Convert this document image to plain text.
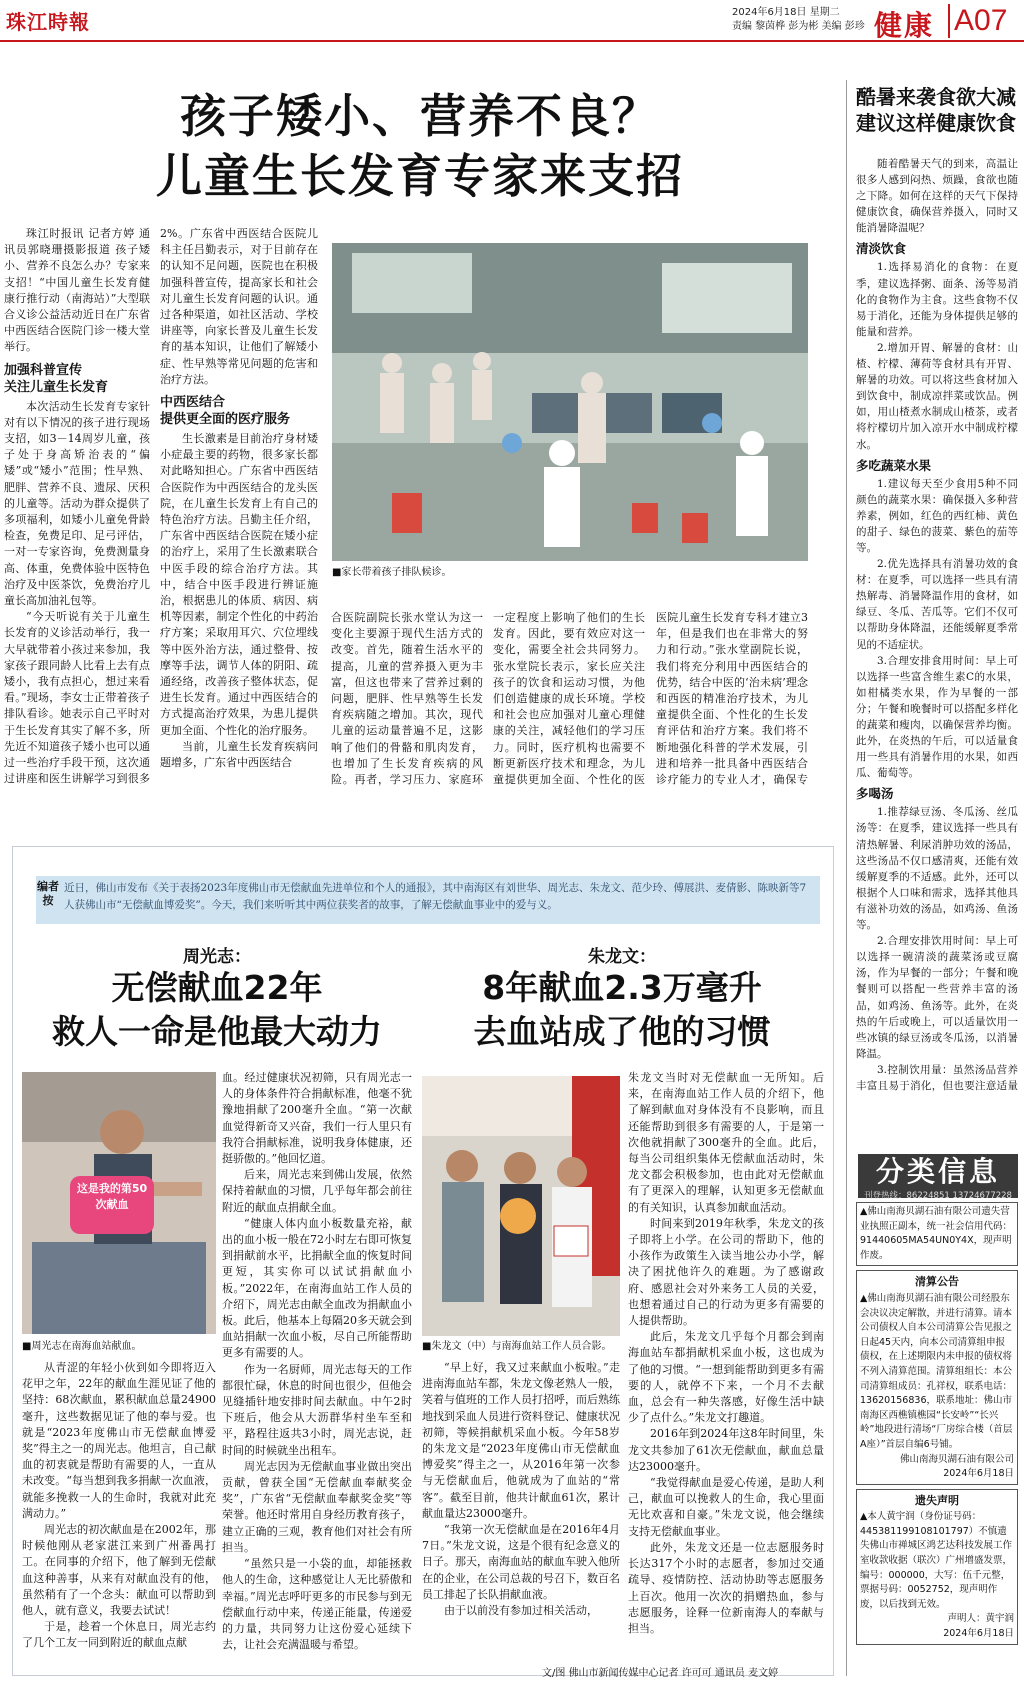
珠江時報	2024年6月18日 星期二
责编 黎茵桦 彭为彬 美编 彭珍 健康 A07
孩子矮小、营养不良？
儿童生长发育专家来支招

珠江时报讯 记者方婷 通讯员郭晓珊摄影报道 孩子矮小、营养不良怎么办？专家来支招！“中国儿童生长发育健康行推行动（南海站）”大型联合义诊公益活动近日在广东省中西医结合医院门诊一楼大堂举行。

加强科普宣传
关注儿童生长发育

本次活动生长发育专家针对有以下情况的孩子进行现场支招，如3－14周岁儿童，孩子处于身高矫治表的“偏矮”或“矮小”范围；性早熟、肥胖、营养不良、遗尿、厌积的儿童等。活动为群众提供了多项福利，如矮小儿童免骨龄检查，免费足印、足弓评估，一对一专家咨询，免费测量身高、体重，免费体验中医特色治疗及中医茶饮，免费治疗儿童长高加油礼包等。

“今天听说有关于儿童生长发育的义诊活动举行，我一大早就带着小孩过来参加，我家孩子跟同龄人比看上去有点矮小，我有点担心，想过来看看。”现场，李女士正带着孩子排队看诊。她表示自己平时对于生长发育其实了解不多，所先近不知道孩子矮小也可以通过一些治疗手段干预，这次通过讲座和医生讲解学习到很多

2%。广东省中西医结合医院儿科主任吕勤表示，对于目前存在的认知不足问题，医院也在积极加强科普宣传，提高家长和社会对儿童生长发育问题的认识。通过各种渠道，如社区活动、学校讲座等，向家长普及儿童生长发育的基本知识，让他们了解矮小症、性早熟等常见问题的危害和治疗方法。

中西医结合
提供更全面的医疗服务

生长激素是目前治疗身材矮小症最主要的药物，很多家长都对此略知担心。广东省中西医结合医院作为中西医结合的龙头医院，在儿童生长发育上有自己的特色治疗方法。吕勤主任介绍，广东省中西医结合医院在矮小症的治疗上，采用了生长激素联合中医手段的综合治疗方法。其中，结合中医手段进行辨证施治，根据患儿的体质、病因、病机等因素，制定个性化的中药治疗方案；采取用耳穴、穴位埋线等中医外治方法，通过整骨、按摩等手法，调节人体的阴阳、疏通经络，改善孩子整体状态，促进生长发育。通过中西医结合的方式提高治疗效果，为患儿提供更加全面、个性化的治疗服务。

当前，儿童生长发育疾病问题增多，广东省中西医结合

■家长带着孩子排队候诊。

合医院副院长张水堂认为这一变化主要源于现代生活方式的改变。首先，随着生活水平的提高，儿童的营养摄入更为丰富，但这也带来了营养过剩的问题，肥胖、性早熟等生长发育疾病随之增加。其次，现代儿童的运动量普遍不足，这影响了他们的骨骼和肌肉发育，也增加了生长发育疾病的风险。再者，学习压力、家庭环

一定程度上影响了他们的生长发育。因此，要有效应对这一变化，需要全社会共同努力。张水堂院长表示，家长应关注孩子的饮食和运动习惯，为他们创造健康的成长环境。学校和社会也应加强对儿童心理健康的关注，减轻他们的学习压力。同时，医疗机构也需要不断更新医疗技术和理念，为儿童提供更加全面、个性化的医

医院儿童生长发育专科才建立3年，但是我们也在非常大的努力和行动。”张水堂副院长说，我们将充分利用中西医结合的优势，结合中医的‘治未病’理念和西医的精准治疗技术，为儿童提供全面、个性化的生长发育评估和治疗方案。我们将不断地强化科普的学术发展，引进和培养一批具备中西医结合诊疗能力的专业人才，确保专

酷暑来袭食欲大减
建议这样健康饮食

随着酷暑天气的到来，高温让很多人感到闷热、烦躁，食欲也随之下降。如何在这样的天气下保持健康饮食，确保营养摄入，同时又能消暑降温呢？

清淡饮食

1.选择易消化的食物：在夏季，建议选择粥、面条、汤等易消化的食物作为主食。这些食物不仅易于消化，还能为身体提供足够的能量和营养。

2.增加开胃、解暑的食材：山楂、柠檬、薄荷等食材具有开胃、解暑的功效。可以将这些食材加入到饮食中，制成凉拌菜或饮品。例如，用山楂煮水制成山楂茶，或者将柠檬切片加入凉开水中制成柠檬水。

多吃蔬菜水果

1.建议每天至少食用5种不同颜色的蔬菜水果：确保摄入多种营养素，例如，红色的西红柿、黄色的甜子、绿色的菠菜、紫色的茄等等。

2.优先选择具有消暑功效的食材：在夏季，可以选择一些具有清热解毒、消暑降温作用的食材，如绿豆、冬瓜、苦瓜等。它们不仅可以帮助身体降温，还能缓解夏季常见的不适症状。

3.合理安排食用时间：早上可以选择一些富含维生素C的水果，如柑橘类水果，作为早餐的一部分；午餐和晚餐时可以搭配多样化的蔬菜和瘦肉，以确保营养均衡。此外，在炎热的午后，可以适量食用一些具有消暑作用的水果，如西瓜、葡萄等。

多喝汤

1.推荐绿豆汤、冬瓜汤、丝瓜汤等：在夏季，建议选择一些具有清热解暑、利尿消肿功效的汤品，这些汤品不仅口感清爽，还能有效缓解夏季的不适感。此外，还可以根据个人口味和需求，选择其他具有滋补功效的汤品，如鸡汤、鱼汤等。

2.合理安排饮用时间：早上可以选择一碗清淡的蔬菜汤或豆腐汤，作为早餐的一部分；午餐和晚餐则可以搭配一些营养丰富的汤品，如鸡汤、鱼汤等。此外，在炎热的午后或晚上，可以适量饮用一些冰镇的绿豆汤或冬瓜汤，以消暑降温。

3.控制饮用量：虽然汤品营养丰富且易于消化，但也要注意适量

编者按
近日，佛山市发布《关于表扬2023年度佛山市无偿献血先进单位和个人的通报》，其中南海区有刘世华、周光志、朱龙文、范少玲、傅展洪、麦倩影、陈映新等7人获佛山市“无偿献血博爱奖”。今天，我们来听听其中两位获奖者的故事，了解无偿献血事业中的爱与义。
周光志：
无偿献血22年
救人一命是他最大动力
朱龙文：
8年献血2.3万毫升
去血站成了他的习惯
这是我的第50次献血
■周光志在南海血站献血。

从青涩的年轻小伙到如今即将迈入花甲之年，22年的献血生涯见证了他的坚持：68次献血，累积献血总量24900毫升，这些数据见证了他的奉与爱。也就是“2023年度佛山市无偿献血博爱奖”得主之一的周光志。他坦言，自己献血的初衷就是帮助有需要的人，一直从未改变。“每当想到我多捐献一次血液，就能多挽救一人的生命时，我就对此充满动力。”

周光志的初次献血是在2002年，那时候他刚从老家湛江来到广州番禺打工。在同事的介绍下，他了解到无偿献血这种善事，从来有对献血没有的他，虽然稍有了一个念头：献血可以帮助到他人，就有意义，我要去试试！

于是，趁着一个休息日，周光志约了几个工友一同到附近的献血点献

血。经过健康状况初筛，只有周光志一人的身体条件符合捐献标准，他毫不犹豫地捐献了200毫升全血。“第一次献血觉得新奇又兴奋，我们一行人里只有我符合捐献标准，说明我身体健康，还挺骄傲的。”他回忆道。

后来，周光志来到佛山发展，依然保持着献血的习惯，几乎每年都会前往附近的献血点捐献全血。

“健康人体内血小板数量充裕，献出的血小板一般在72小时左右即可恢复到捐献前水平，比捐献全血的恢复时间更短，其实你可以试试捐献血小板。”2022年，在南海血站工作人员的介绍下，周光志由献全血改为捐献血小板。此后，他基本上每隔20多天就会到血站捐献一次血小板，尽自己所能帮助更多有需要的人。

作为一名厨师，周光志每天的工作都很忙碌，休息的时间也很少，但他会见缝插针地安排时间去献血。中午2时下班后，他会从大沥群华村坐车至和平，路程往返共3小时，周光志说，赶时间的时候就坐出租车。

周光志因为无偿献血事业做出突出贡献，曾获全国“无偿献血奉献奖金奖”，广东省“无偿献血奉献奖金奖”等荣誉。他还时常用自身经历教育孩子，建立正确的三观，教育他们对社会有所担当。

“虽然只是一小袋的血，却能拯救他人的生命，这种感觉让人无比骄傲和幸福。”周光志呼吁更多的市民参与到无偿献血行动中来，传递正能量，传递爱的力量，共同努力让这份爱心延续下去，让社会充满温暖与希望。

■朱龙文（中）与南海血站工作人员合影。

“早上好，我又过来献血小板啦。”走进南海血站车都，朱龙文像老熟人一般，笑着与值班的工作人员打招呼，而后熟练地找到采血人员进行资料登记、健康状况初筛，等候捐献机采血小板。今年58岁的朱龙文是“2023年度佛山市无偿献血博爱奖”得主之一，从2016年第一次参与无偿献血后，他就成为了血站的“常客”。截至目前，他共计献血61次，累计献血量达23000毫升。

“我第一次无偿献血是在2016年4月7日。”朱龙文说，这是个很有纪念意义的日子。那天，南海血站的献血车驶入他所在的企业，在公司总裁的号召下，数百名员工排起了长队捐献血液。

由于以前没有参加过相关活动，

朱龙文当时对无偿献血一无所知。后来，在南海血站工作人员的介绍下，他了解到献血对身体没有不良影响，而且还能帮助到很多有需要的人，于是第一次他就捐献了300毫升的全血。此后，每当公司组织集体无偿献血活动时，朱龙文都会积极参加，也由此对无偿献血有了更深入的理解，认知更多无偿献血的有关知识，认真参加献血活动。

时间来到2019年秋季，朱龙文的孩子即将上小学。在公司的帮助下，他的小孩作为政策生入读当地公办小学，解决了困扰他许久的难题。为了感谢政府、感恩社会对外来务工人员的关爱，也想着通过自己的行动为更多有需要的人提供帮助。

此后，朱龙文几乎每个月都会到南海血站车都捐献机采血小板，这也成为了他的习惯。“一想到能帮助到更多有需要的人，就停不下来，一个月不去献血，总会有一种失落感，好像生活中缺少了点什么。”朱龙文打趣道。

2016年到2024年这8年时间里，朱龙文共参加了61次无偿献血，献血总量达23000毫升。

“我觉得献血是爱心传递，是助人利己，献血可以挽救人的生命，我心里面无比欢喜和自豪。”朱龙文说，他会继续支持无偿献血事业。

此外，朱龙文还是一位志愿服务时长达317个小时的志愿者，参加过交通疏导、疫情防控、活动协助等志愿服务上百次。他用一次次的捐赠热血，参与志愿服务，诠释一位新南海人的奉献与担当。

文/图 佛山市新闻传媒中心记者 许可可 通讯员 麦文婷
分类信息
刊登热线：86224851 13724677228
▲佛山南海贝湖石油有限公司遗失营业执照正副本，统一社会信用代码：91440605MA54UN0Y4X，现声明作废。
清算公告
▲佛山南海贝湖石油有限公司经股东会决议决定解散，并进行清算。请本公司债权人自本公司清算公告见报之日起45天内，向本公司清算组申报债权，在上述期限内未申报的债权将不列入清算范围。清算组组长：本公司清算组成员：孔祥权，联系电话：13620156836，联系地址：佛山市南海区西樵镇樵园“长安岭”“长兴岭”地段进行清场“厂房综合楼（首层A座）”首层自编6号铺。
佛山南海贝湖石油有限公司
2024年6月18日
遗失声明
▲本人黄宇润（身份证号码：445381199108101797）不慎遗失佛山市禅城区鸿艺达科技发展工作室收款收据（联次）广州增盛发票，编号：000000，大写：伍千元整，票据号码：0052752，现声明作废，以后找到无效。
声明人：黄宇润
2024年6月18日
